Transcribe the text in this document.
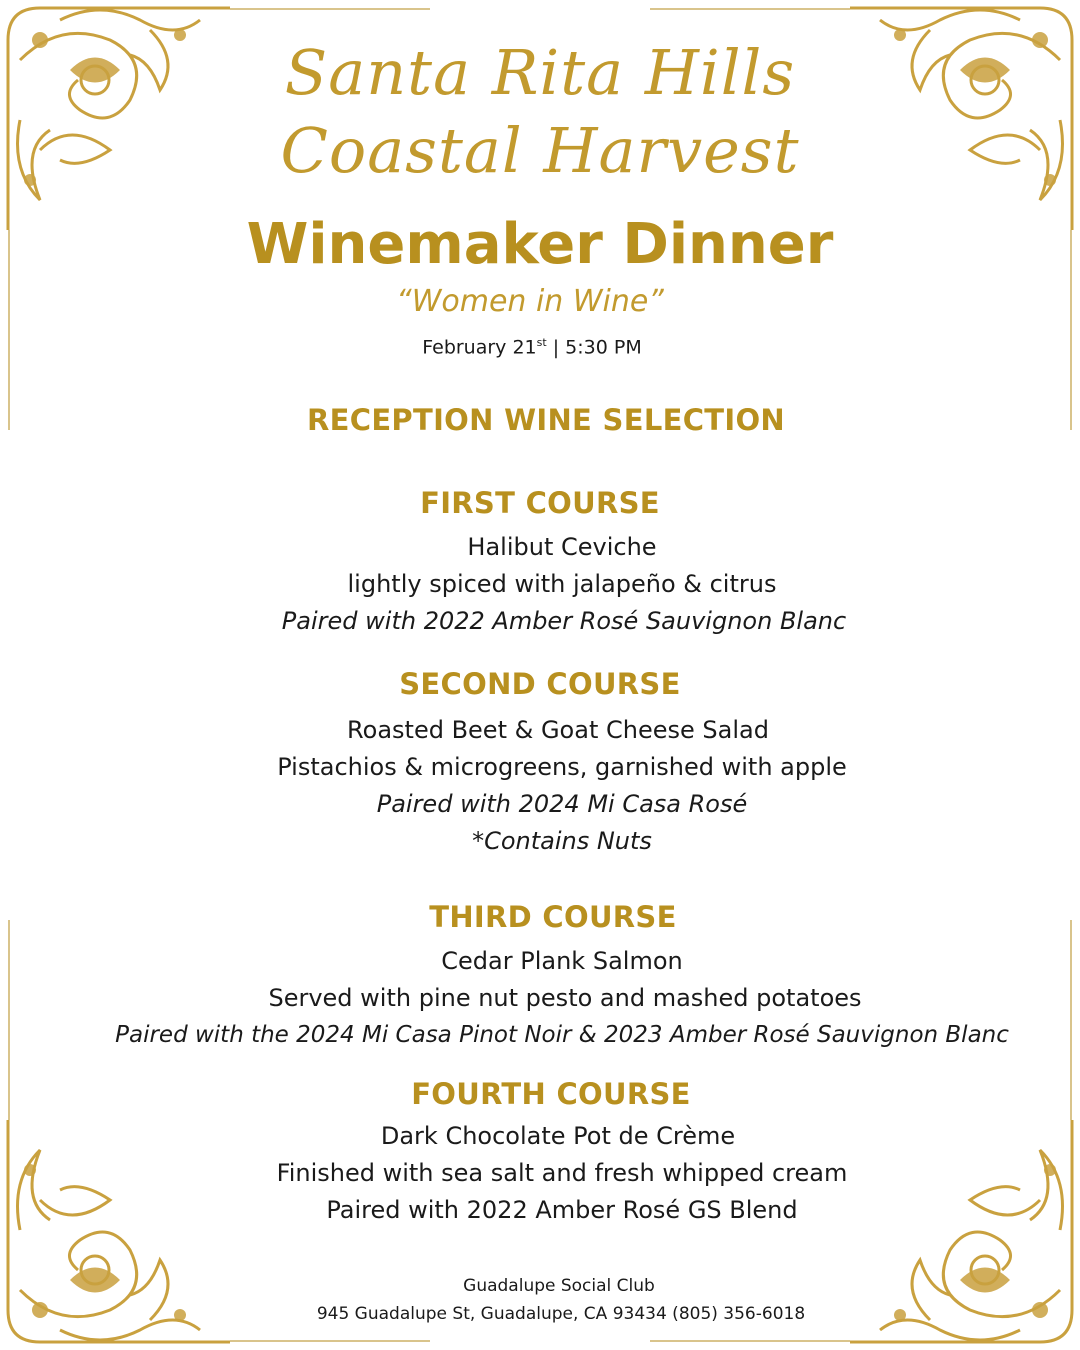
Santa Rita Hills
Coastal Harvest
Winemaker Dinner
“Women in Wine”
February 21st | 5:30 PM
RECEPTION WINE SELECTION
FIRST COURSE
Halibut Ceviche
lightly spiced with jalapeño & citrus
Paired with 2022 Amber Rosé Sauvignon Blanc
SECOND COURSE
Roasted Beet & Goat Cheese Salad
Pistachios & microgreens, garnished with apple
Paired with 2024 Mi Casa Rosé
*Contains Nuts
THIRD COURSE
Cedar Plank Salmon
Served with pine nut pesto and mashed potatoes
Paired with the 2024 Mi Casa Pinot Noir & 2023 Amber Rosé Sauvignon Blanc
FOURTH COURSE
Dark Chocolate Pot de Crème
Finished with sea salt and fresh whipped cream
Paired with 2022 Amber Rosé GS Blend
Guadalupe Social Club
945 Guadalupe St, Guadalupe, CA 93434 (805) 356-6018
